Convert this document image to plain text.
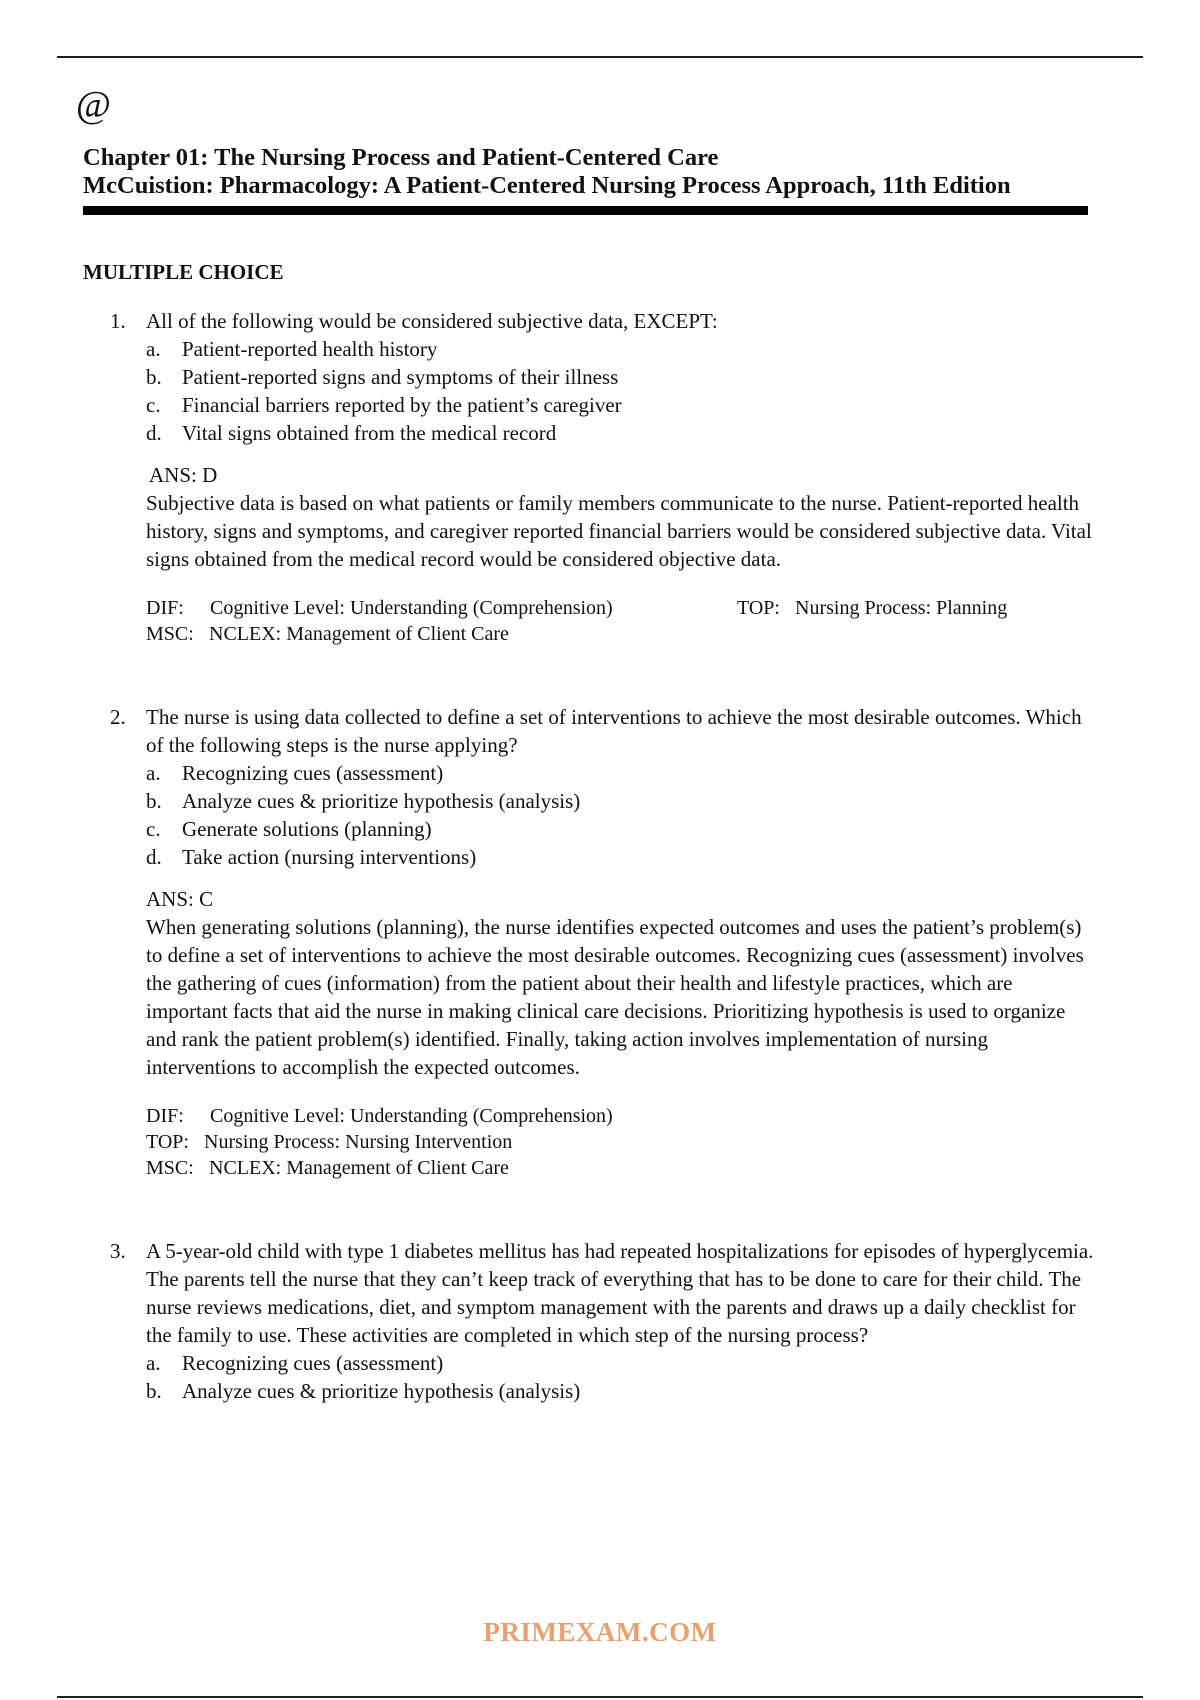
@
Chapter 01: The Nursing Process and Patient-Centered Care
McCuistion: Pharmacology: A Patient-Centered Nursing Process Approach, 11th Edition
MULTIPLE CHOICE
1. All of the following would be considered subjective data, EXCEPT:
a.	Patient-reported health history
b. Patient-reported signs and symptoms of their illness
c.	Financial barriers reported by the patient’s caregiver
d. Vital signs obtained from the medical record
ANS: D
Subjective data is based on what patients or family members communicate to the nurse. Patient-reported health history, signs and symptoms, and caregiver reported financial barriers would be considered subjective data. Vital signs obtained from the medical record would be considered objective data.
DIF: Cognitive Level: Understanding (Comprehension)	TOP: Nursing Process: Planning
MSC: NCLEX: Management of Client Care
2. The nurse is using data collected to define a set of interventions to achieve the most desirable outcomes. Which of the following steps is the nurse applying?
a.	Recognizing cues (assessment)
b. Analyze cues & prioritize hypothesis (analysis)
c.	Generate solutions (planning)
d. Take action (nursing interventions)
ANS: C
When generating solutions (planning), the nurse identifies expected outcomes and uses the patient’s problem(s) to define a set of interventions to achieve the most desirable outcomes. Recognizing cues (assessment) involves the gathering of cues (information) from the patient about their health and lifestyle practices, which are important facts that aid the nurse in making clinical care decisions. Prioritizing hypothesis is used to organize and rank the patient problem(s) identified. Finally, taking action involves implementation of nursing interventions to accomplish the expected outcomes.
DIF:	Cognitive Level: Understanding (Comprehension)
TOP: Nursing Process: Nursing Intervention
MSC: NCLEX: Management of Client Care
3. A 5-year-old child with type 1 diabetes mellitus has had repeated hospitalizations for episodes of hyperglycemia. The parents tell the nurse that they can’t keep track of everything that has to be done to care for their child. The nurse reviews medications, diet, and symptom management with the parents and draws up a daily checklist for the family to use. These activities are completed in which step of the nursing process?
a.	Recognizing cues (assessment)
b. Analyze cues & prioritize hypothesis (analysis)
PRIMEXAM.COM
